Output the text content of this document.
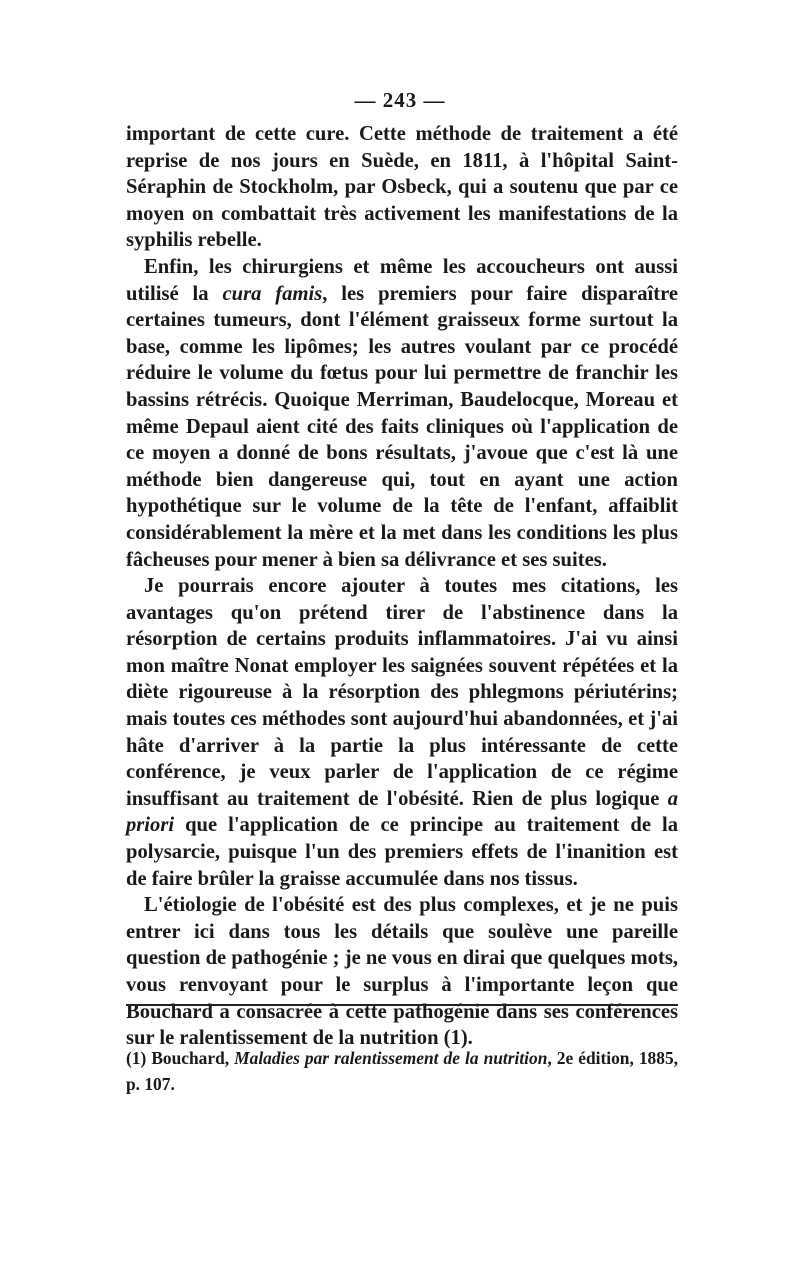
— 243 —

important de cette cure. Cette méthode de traitement a été reprise de nos jours en Suède, en 1811, à l'hôpital Saint-Séraphin de Stockholm, par Osbeck, qui a soutenu que par ce moyen on combattait très activement les manifestations de la syphilis rebelle.

Enfin, les chirurgiens et même les accoucheurs ont aussi utilisé la cura famis, les premiers pour faire disparaître certaines tumeurs, dont l'élément graisseux forme surtout la base, comme les lipômes; les autres voulant par ce procédé réduire le volume du fœtus pour lui permettre de franchir les bassins rétrécis. Quoique Merriman, Baudelocque, Moreau et même Depaul aient cité des faits cliniques où l'application de ce moyen a donné de bons résultats, j'avoue que c'est là une méthode bien dangereuse qui, tout en ayant une action hypothétique sur le volume de la tête de l'enfant, affaiblit considérablement la mère et la met dans les conditions les plus fâcheuses pour mener à bien sa délivrance et ses suites.

Je pourrais encore ajouter à toutes mes citations, les avantages qu'on prétend tirer de l'abstinence dans la résorption de certains produits inflammatoires. J'ai vu ainsi mon maître Nonat employer les saignées souvent répétées et la diète rigoureuse à la résorption des phlegmons périutérins; mais toutes ces méthodes sont aujourd'hui abandonnées, et j'ai hâte d'arriver à la partie la plus intéressante de cette conférence, je veux parler de l'application de ce régime insuffisant au traitement de l'obésité. Rien de plus logique a priori que l'application de ce principe au traitement de la polysarcie, puisque l'un des premiers effets de l'inanition est de faire brûler la graisse accumulée dans nos tissus.

L'étiologie de l'obésité est des plus complexes, et je ne puis entrer ici dans tous les détails que soulève une pareille question de pathogénie ; je ne vous en dirai que quelques mots, vous renvoyant pour le surplus à l'importante leçon que Bouchard a consacrée à cette pathogénie dans ses conférences sur le ralentissement de la nutrition (1).

(1) Bouchard, Maladies par ralentissement de la nutrition, 2e édition, 1885, p. 107.
